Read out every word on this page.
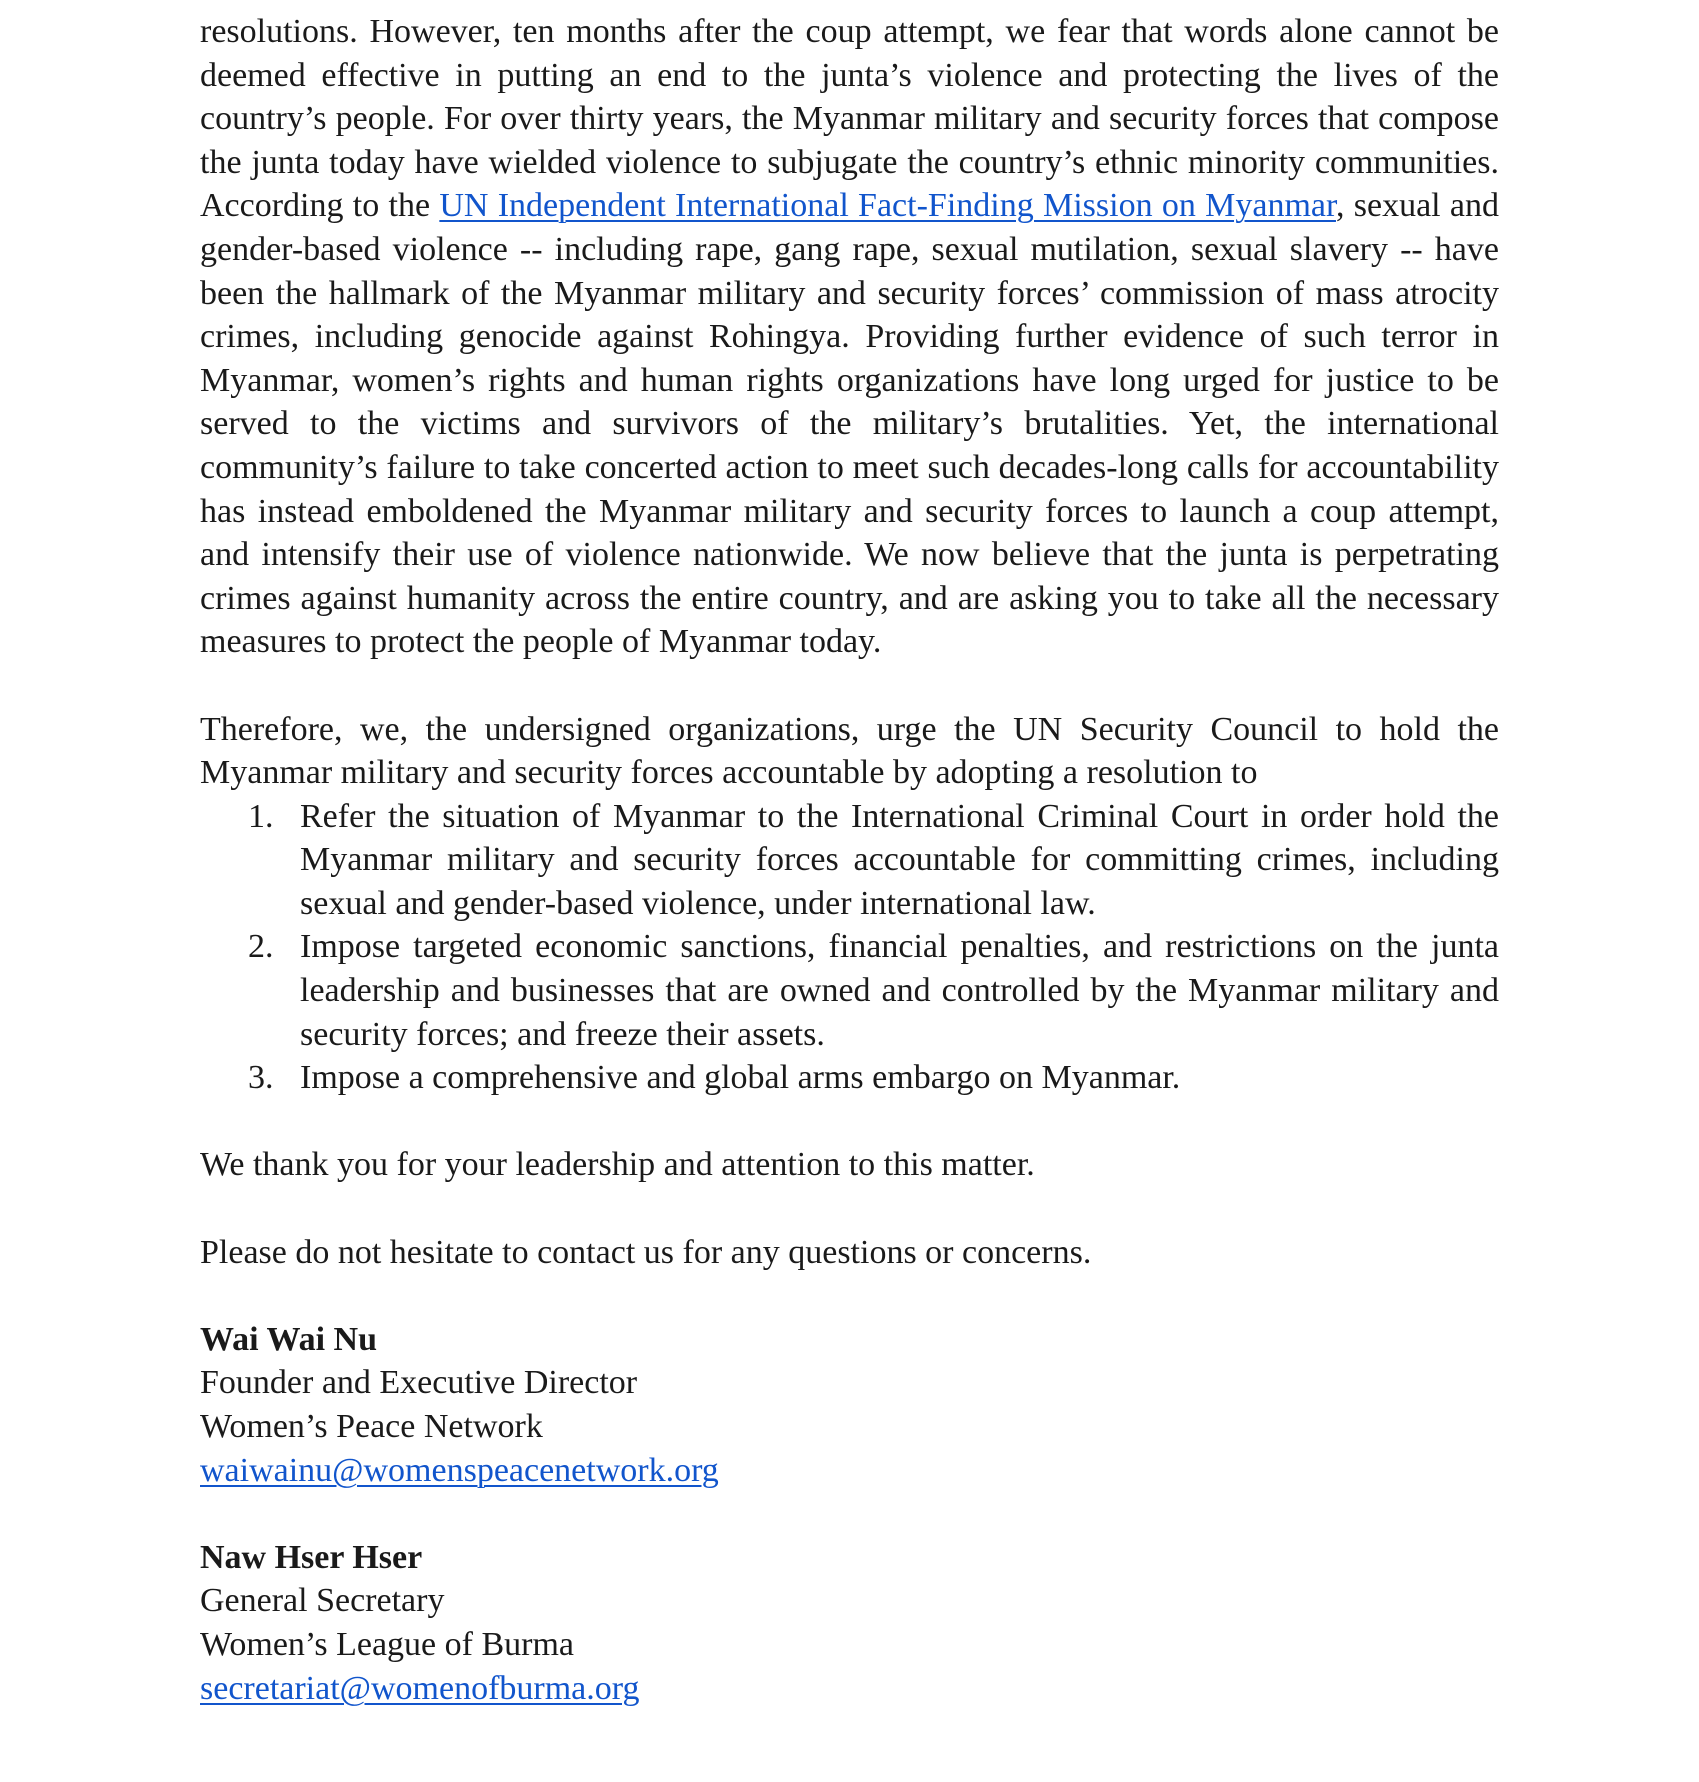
resolutions. However, ten months after the coup attempt, we fear that words alone cannot be deemed effective in putting an end to the junta’s violence and protecting the lives of the country’s people. For over thirty years, the Myanmar military and security forces that compose the junta today have wielded violence to subjugate the country’s ethnic minority communities. According to the UN Independent International Fact-Finding Mission on Myanmar, sexual and gender-based violence -- including rape, gang rape, sexual mutilation, sexual slavery -- have been the hallmark of the Myanmar military and security forces’ commission of mass atrocity crimes, including genocide against Rohingya. Providing further evidence of such terror in Myanmar, women’s rights and human rights organizations have long urged for justice to be served to the victims and survivors of the military’s brutalities. Yet, the international community’s failure to take concerted action to meet such decades-long calls for accountability has instead emboldened the Myanmar military and security forces to launch a coup attempt, and intensify their use of violence nationwide. We now believe that the junta is perpetrating crimes against humanity across the entire country, and are asking you to take all the necessary measures to protect the people of Myanmar today.

Therefore, we, the undersigned organizations, urge the UN Security Council to hold the Myanmar military and security forces accountable by adopting a resolution to

1. Refer the situation of Myanmar to the International Criminal Court in order hold the Myanmar military and security forces accountable for committing crimes, including sexual and gender-based violence, under international law.
2. Impose targeted economic sanctions, financial penalties, and restrictions on the junta leadership and businesses that are owned and controlled by the Myanmar military and security forces; and freeze their assets.
3. Impose a comprehensive and global arms embargo on Myanmar.

We thank you for your leadership and attention to this matter.

Please do not hesitate to contact us for any questions or concerns.

Wai Wai Nu
Founder and Executive Director
Women’s Peace Network
waiwainu@womenspeacenetwork.org
Naw Hser Hser
General Secretary
Women’s League of Burma
secretariat@womenofburma.org
